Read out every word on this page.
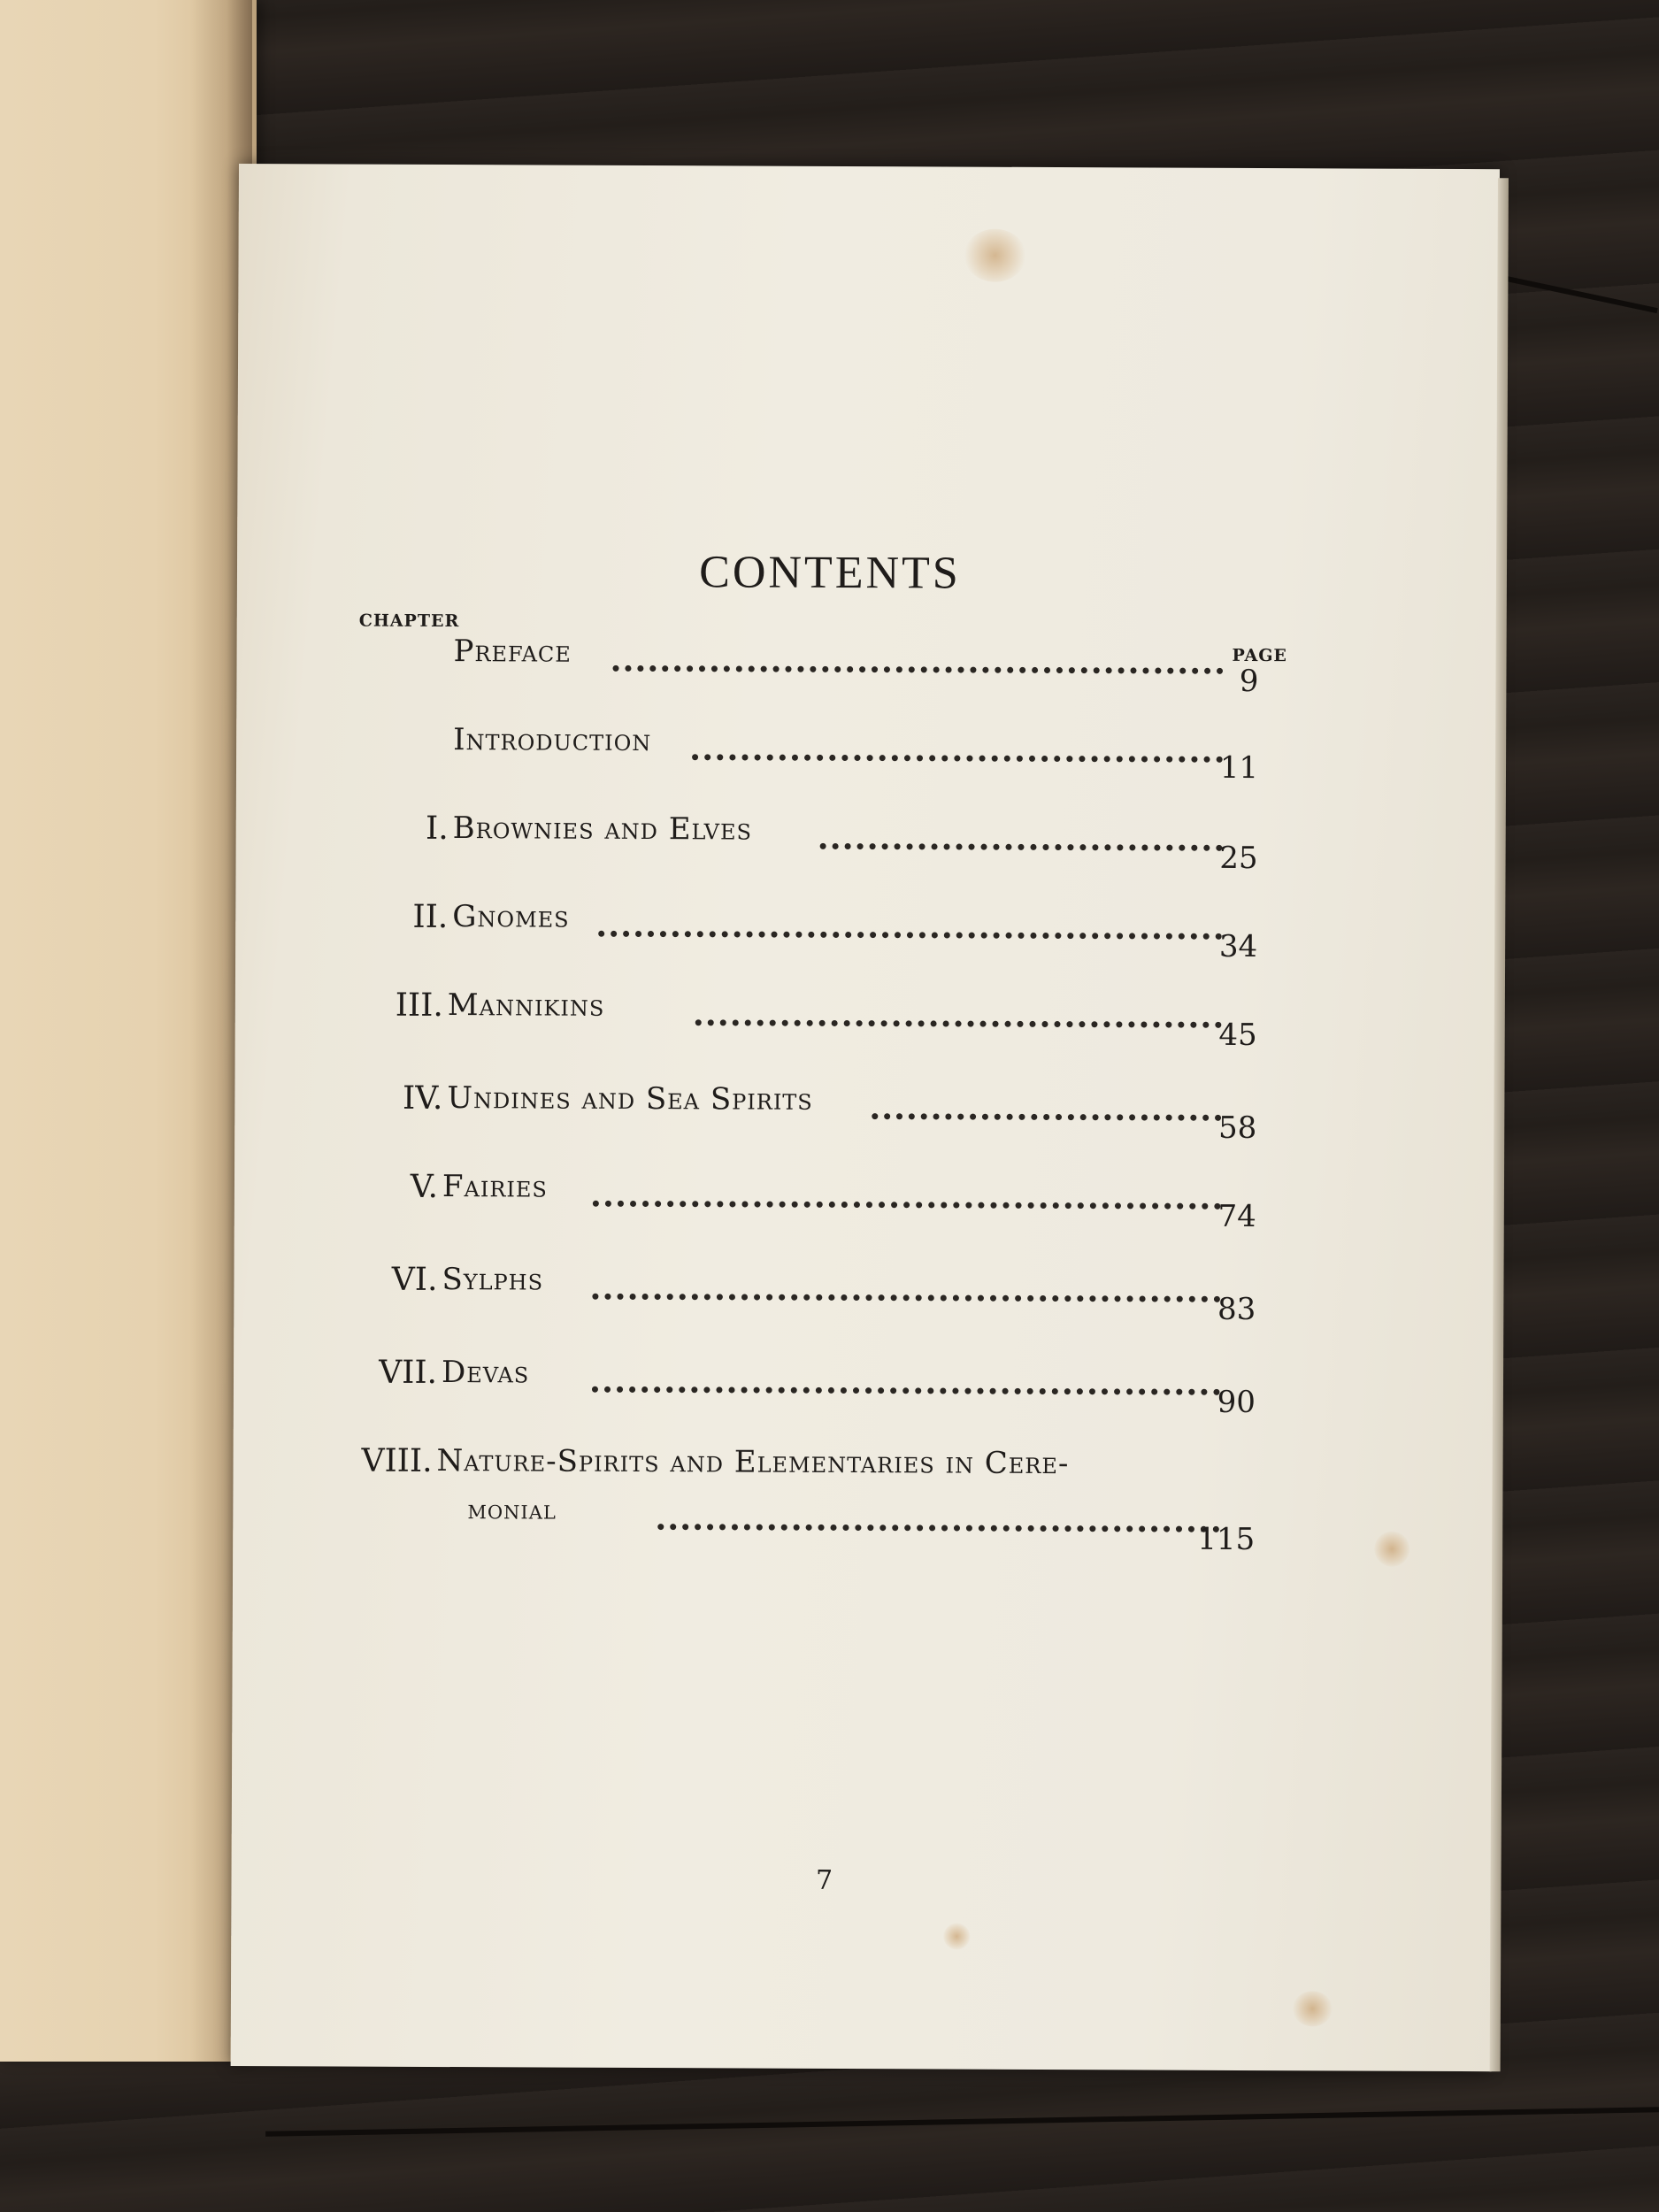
CONTENTS
CHAPTER
PAGE
Preface
9
Introduction
11
I. Brownies and Elves
25
II. Gnomes
34
III. Mannikins
45
IV. Undines and Sea Spirits
58
V. Fairies
74
VI. Sylphs
83
VII. Devas
90
VIII. Nature-Spirits and Elementaries in Cere-
monial
115
7
